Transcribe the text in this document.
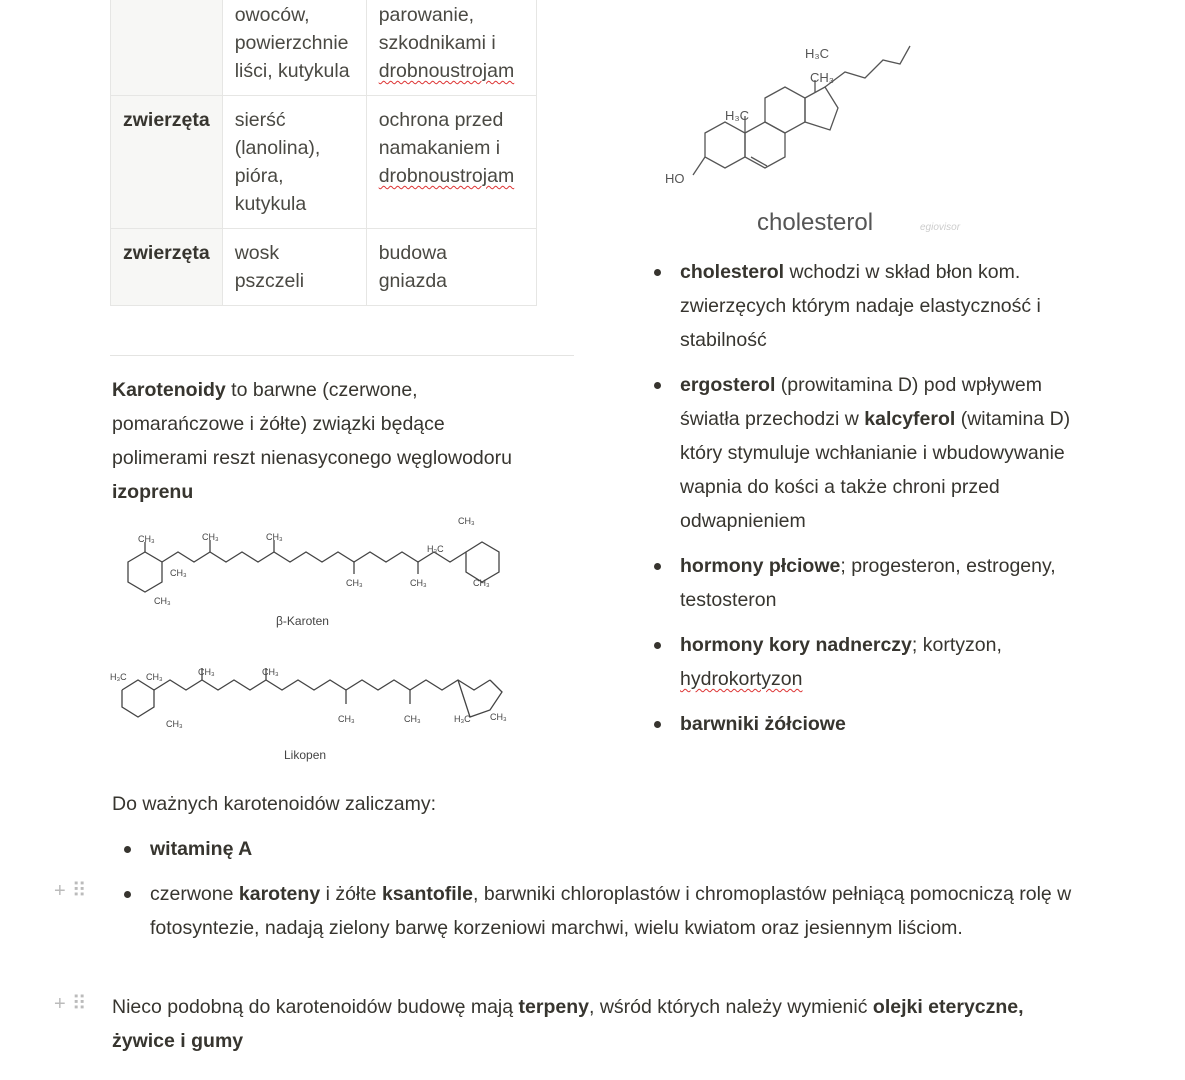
	owoców,
powierzchnie
liści, kutykula	parowanie,
szkodnikami i
drobnoustrojam
zwierzęta	sierść
(lanolina),
pióra,
kutykula	ochrona przed
namakaniem i
drobnoustrojam
zwierzęta	wosk pszczeli	budowa
gniazda

Karotenoidy to barwne (czerwone, pomarańczowe i żółte) związki będące polimerami reszt nienasyconego węglowodoru izoprenu

CH₃	CH₃	CH₃
CH₃	CH₃	CH₃
CH₃
H₃C
CH₃
CH₃
H₃C CH₃	CH₃	CH₃
CH₃	CH₃	H₃C CH₃
CH₃
β-Karoten
Likopen

Do ważnych karotenoidów zaliczamy:

witaminę A
czerwone karoteny i żółte ksantofile, barwniki chloroplastów i chromoplastów pełniącą pomocniczą rolę w fotosyntezie, nadają zielony barwę korzeniowi marchwi, wielu kwiatom oraz jesiennym liściom.
+⠿
+⠿ Nieco podobną do karotenoidów budowę mają terpeny, wśród których należy wymienić olejki eteryczne, żywice i gumy

HO
H₃C
CH₃
H₃C
cholesterol	egiovisor
cholesterol wchodzi w skład błon kom. zwierzęcych którym nadaje elastyczność i stabilność
ergosterol (prowitamina D) pod wpływem światła przechodzi w kalcyferol (witamina D) który stymuluje wchłanianie i wbudowywanie wapnia do kości a także chroni przed odwapnieniem
hormony płciowe; progesteron, estrogeny, testosteron
hormony kory nadnerczy; kortyzon, hydrokortyzon
barwniki żółciowe
